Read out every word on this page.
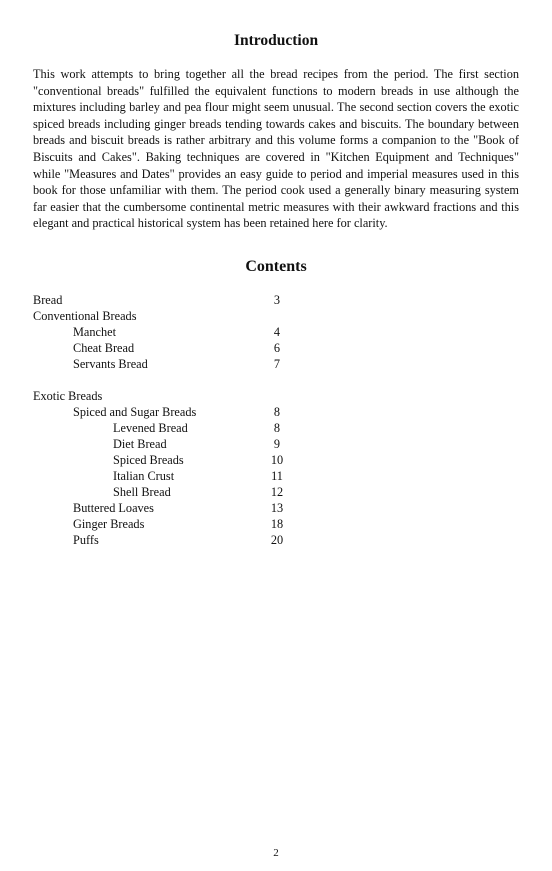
Introduction

This work attempts to bring together all the bread recipes from the period. The first section "conventional breads" fulfilled the equivalent functions to modern breads in use although the mixtures including barley and pea flour might seem unusual. The second section covers the exotic spiced breads including ginger breads tending towards cakes and biscuits. The boundary between breads and biscuit breads is rather arbitrary and this volume forms a companion to the "Book of Biscuits and Cakes". Baking techniques are covered in "Kitchen Equipment and Techniques" while "Measures and Dates" provides an easy guide to period and imperial measures used in this book for those unfamiliar with them. The period cook used a generally binary measuring system far easier that the cumbersome continental metric measures with their awkward fractions and this elegant and practical historical system has been retained here for clarity.

Contents
Bread	3
Conventional Breads
Manchet	4
Cheat Bread	6
Servants Bread	7
Exotic Breads
Spiced and Sugar Breads	8
Levened Bread	8
Diet Bread	9
Spiced Breads	10
Italian Crust	11
Shell Bread	12
Buttered Loaves	13
Ginger Breads	18
Puffs	20
2
